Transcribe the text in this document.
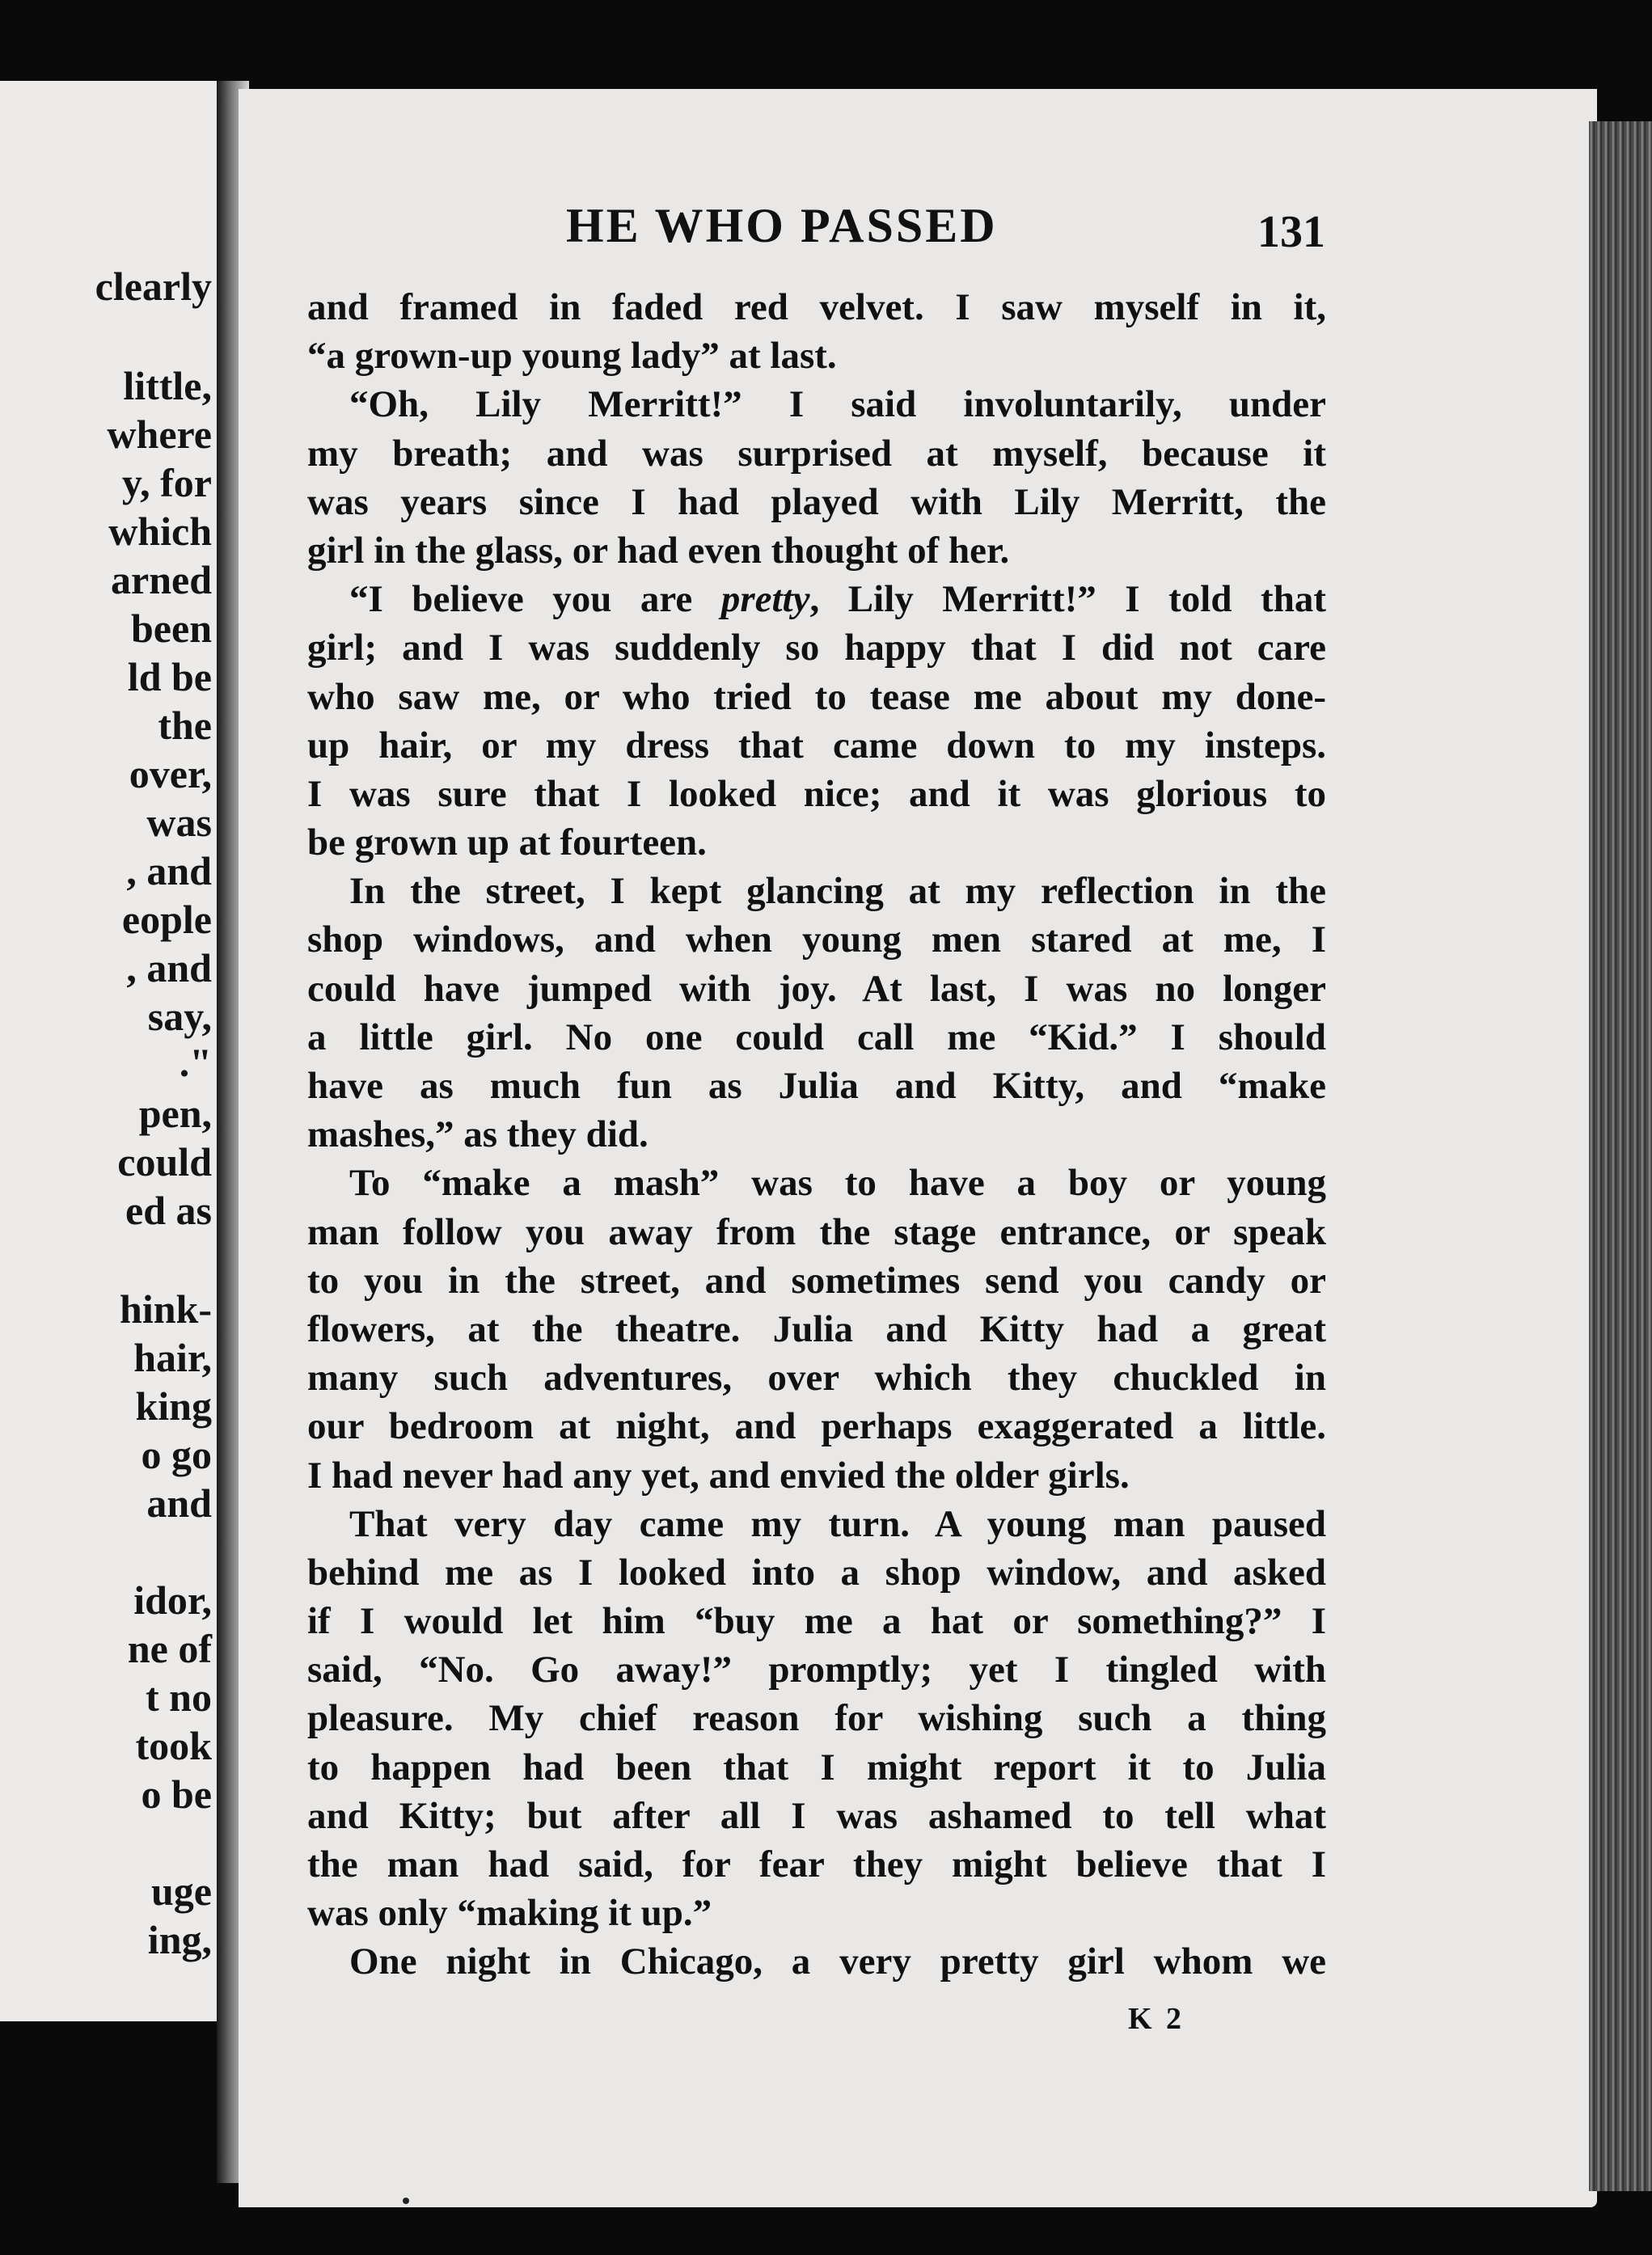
clearly
little,
where
y, for
which
arned
been
ld be
the
over,
was
, and
eople
, and
say,
."
pen,
could
ed as
hink-
hair,
king
o go
and
idor,
ne of
t no
took
o be
uge
ing,
HE WHO PASSED	131
and framed in faded red velvet. I saw myself in it,
“a grown-up young lady” at last.
“Oh, Lily Merritt!” I said involuntarily, under
my breath; and was surprised at myself, because it
was years since I had played with Lily Merritt, the
girl in the glass, or had even thought of her.
“I believe you are pretty, Lily Merritt!” I told that
girl; and I was suddenly so happy that I did not care
who saw me, or who tried to tease me about my done-
up hair, or my dress that came down to my insteps.
I was sure that I looked nice; and it was glorious to
be grown up at fourteen.
In the street, I kept glancing at my reflection in the
shop windows, and when young men stared at me, I
could have jumped with joy. At last, I was no longer
a little girl. No one could call me “Kid.” I should
have as much fun as Julia and Kitty, and “make
mashes,” as they did.
To “make a mash” was to have a boy or young
man follow you away from the stage entrance, or speak
to you in the street, and sometimes send you candy or
flowers, at the theatre. Julia and Kitty had a great
many such adventures, over which they chuckled in
our bedroom at night, and perhaps exaggerated a little.
I had never had any yet, and envied the older girls.
That very day came my turn. A young man paused
behind me as I looked into a shop window, and asked
if I would let him “buy me a hat or something?” I
said, “No. Go away!” promptly; yet I tingled with
pleasure. My chief reason for wishing such a thing
to happen had been that I might report it to Julia
and Kitty; but after all I was ashamed to tell what
the man had said, for fear they might believe that I
was only “making it up.”
One night in Chicago, a very pretty girl whom we
K 2
